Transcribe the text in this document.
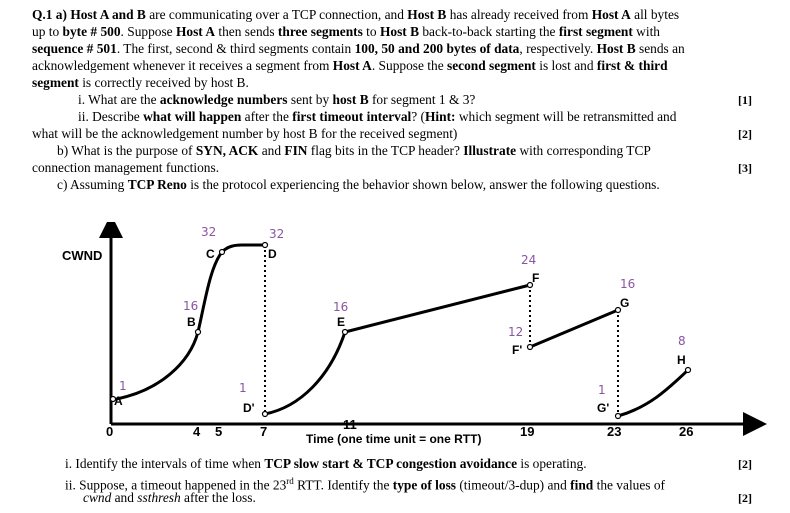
Q.1 a) Host A and B are communicating over a TCP connection, and Host B has already received from Host A all bytes
up to byte # 500. Suppose Host A then sends three segments to Host B back-to-back starting the first segment with
sequence # 501. The first, second & third segments contain 100, 50 and 200 bytes of data, respectively. Host B sends an
acknowledgement whenever it receives a segment from Host A. Suppose the second segment is lost and first & third
segment is correctly received by host B.
i. What are the acknowledge numbers sent by host B for segment 1 & 3?	[1]
ii. Describe what will happen after the first timeout interval? (Hint: which segment will be retransmitted and
what will be the acknowledgement number by host B for the received segment)	[2]
b) What is the purpose of SYN, ACK and FIN flag bits in the TCP header? Illustrate with corresponding TCP
connection management functions.	[3]
c) Assuming TCP Reno is the protocol experiencing the behavior shown below, answer the following questions.
CWND
Time (one time unit = one RTT)
0	4 5	7	11	19	23	26
A
B
C	D
D'
E
F
F'
G
G'
H
32	32
16	16
24
12
16
1	1	1
8
i. Identify the intervals of time when TCP slow start & TCP congestion avoidance is operating.	[2]
ii. Suppose, a timeout happened in the 23rd RTT. Identify the type of loss (timeout/3-dup) and find the values of
cwnd and ssthresh after the loss.	[2]
